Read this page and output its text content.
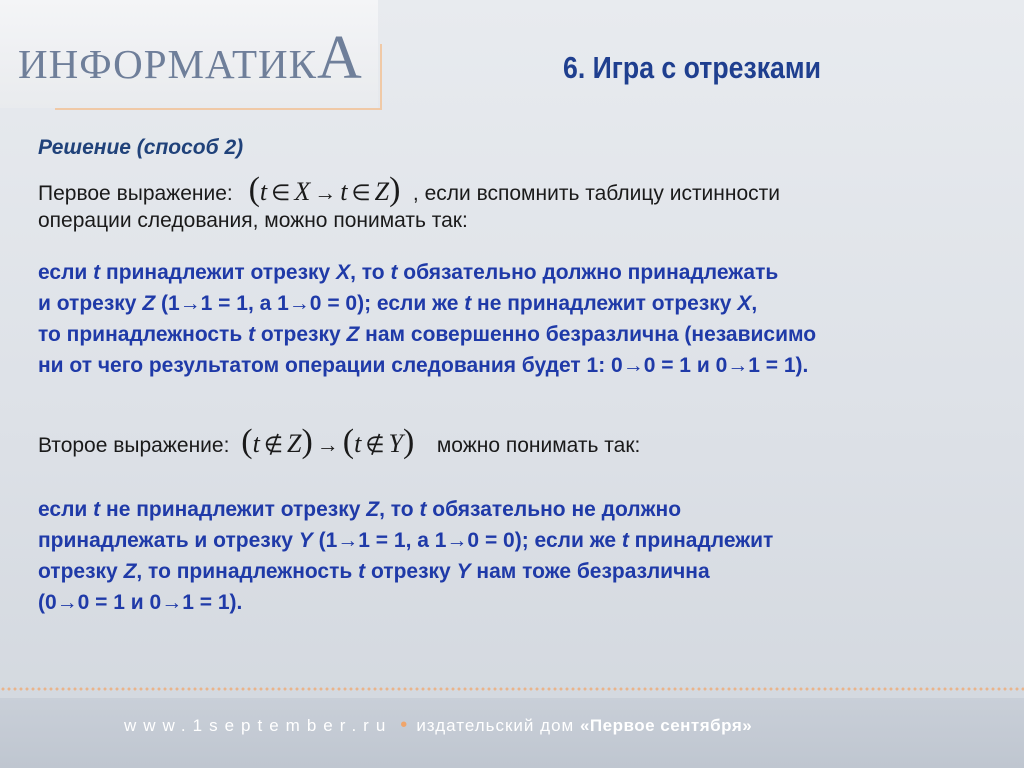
ИНФОРМАТИКА	6. Игра с отрезками
Решение (способ 2)
Первое выражение: (t ∈ X → t ∈ Z) , если вспомнить таблицу истинности
операции следования, можно понимать так:
если t принадлежит отрезку X, то t обязательно должно принадлежать
и отрезку Z (1→1 = 1, а 1→0 = 0); если же t не принадлежит отрезку X,
то принадлежность t отрезку Z нам совершенно безразлична (независимо
ни от чего результатом операции следования будет 1: 0→0 = 1 и 0→1 = 1).
Второе выражение: (t ∉ Z) → (t ∉ Y) можно понимать так:
если t не принадлежит отрезку Z, то t обязательно не должно
принадлежать и отрезку Y (1→1 = 1, а 1→0 = 0); если же t принадлежит
отрезку Z, то принадлежность t отрезку Y нам тоже безразлична
(0→0 = 1 и 0→1 = 1).
www.1september.ru • издательский дом «Первое сентября»
